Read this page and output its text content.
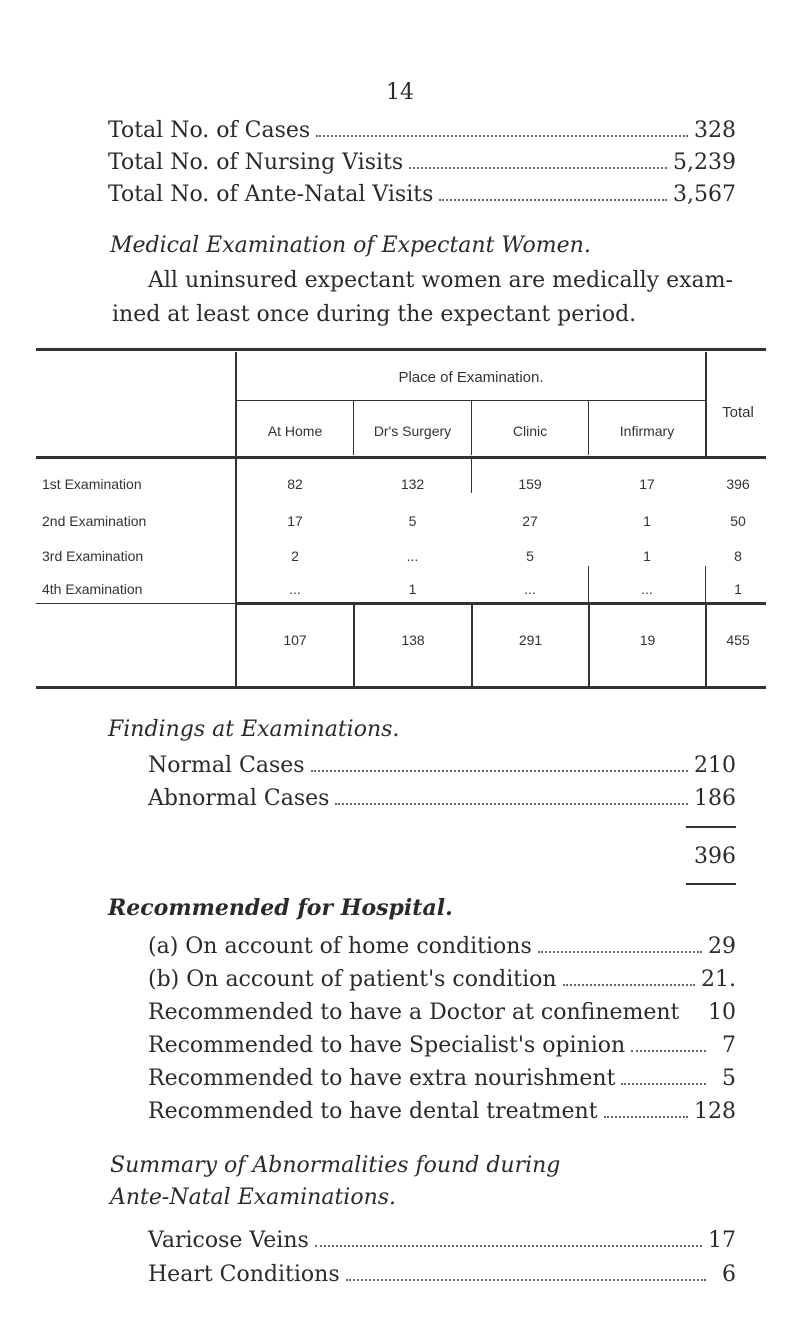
14
Total No. of Cases	328
Total No. of Nursing Visits	5,239
Total No. of Ante-Natal Visits	3,567
Medical Examination of Expectant Women.
All uninsured expectant women are medically exam-
ined at least once during the expectant period.
Place of Examination.
Total
At Home	Dr's Surgery	Clinic	Infirmary
1st Examination	82	132	159	17	396
2nd Examination	17	5	27	1	50
3rd Examination	2	...	5	1	8
4th Examination	...	1	...	...	1
107	138	291	19	455
Findings at Examinations.
Normal Cases	210
Abnormal Cases	186
396
Recommended for Hospital.
(a) On account of home conditions	29
(b) On account of patient's condition	21.
Recommended to have a Doctor at confinement 10
Recommended to have Specialist's opinion	7
Recommended to have extra nourishment	5
Recommended to have dental treatment	128
Summary of Abnormalities found during
Ante-Natal Examinations.
Varicose Veins	17
Heart Conditions	6
